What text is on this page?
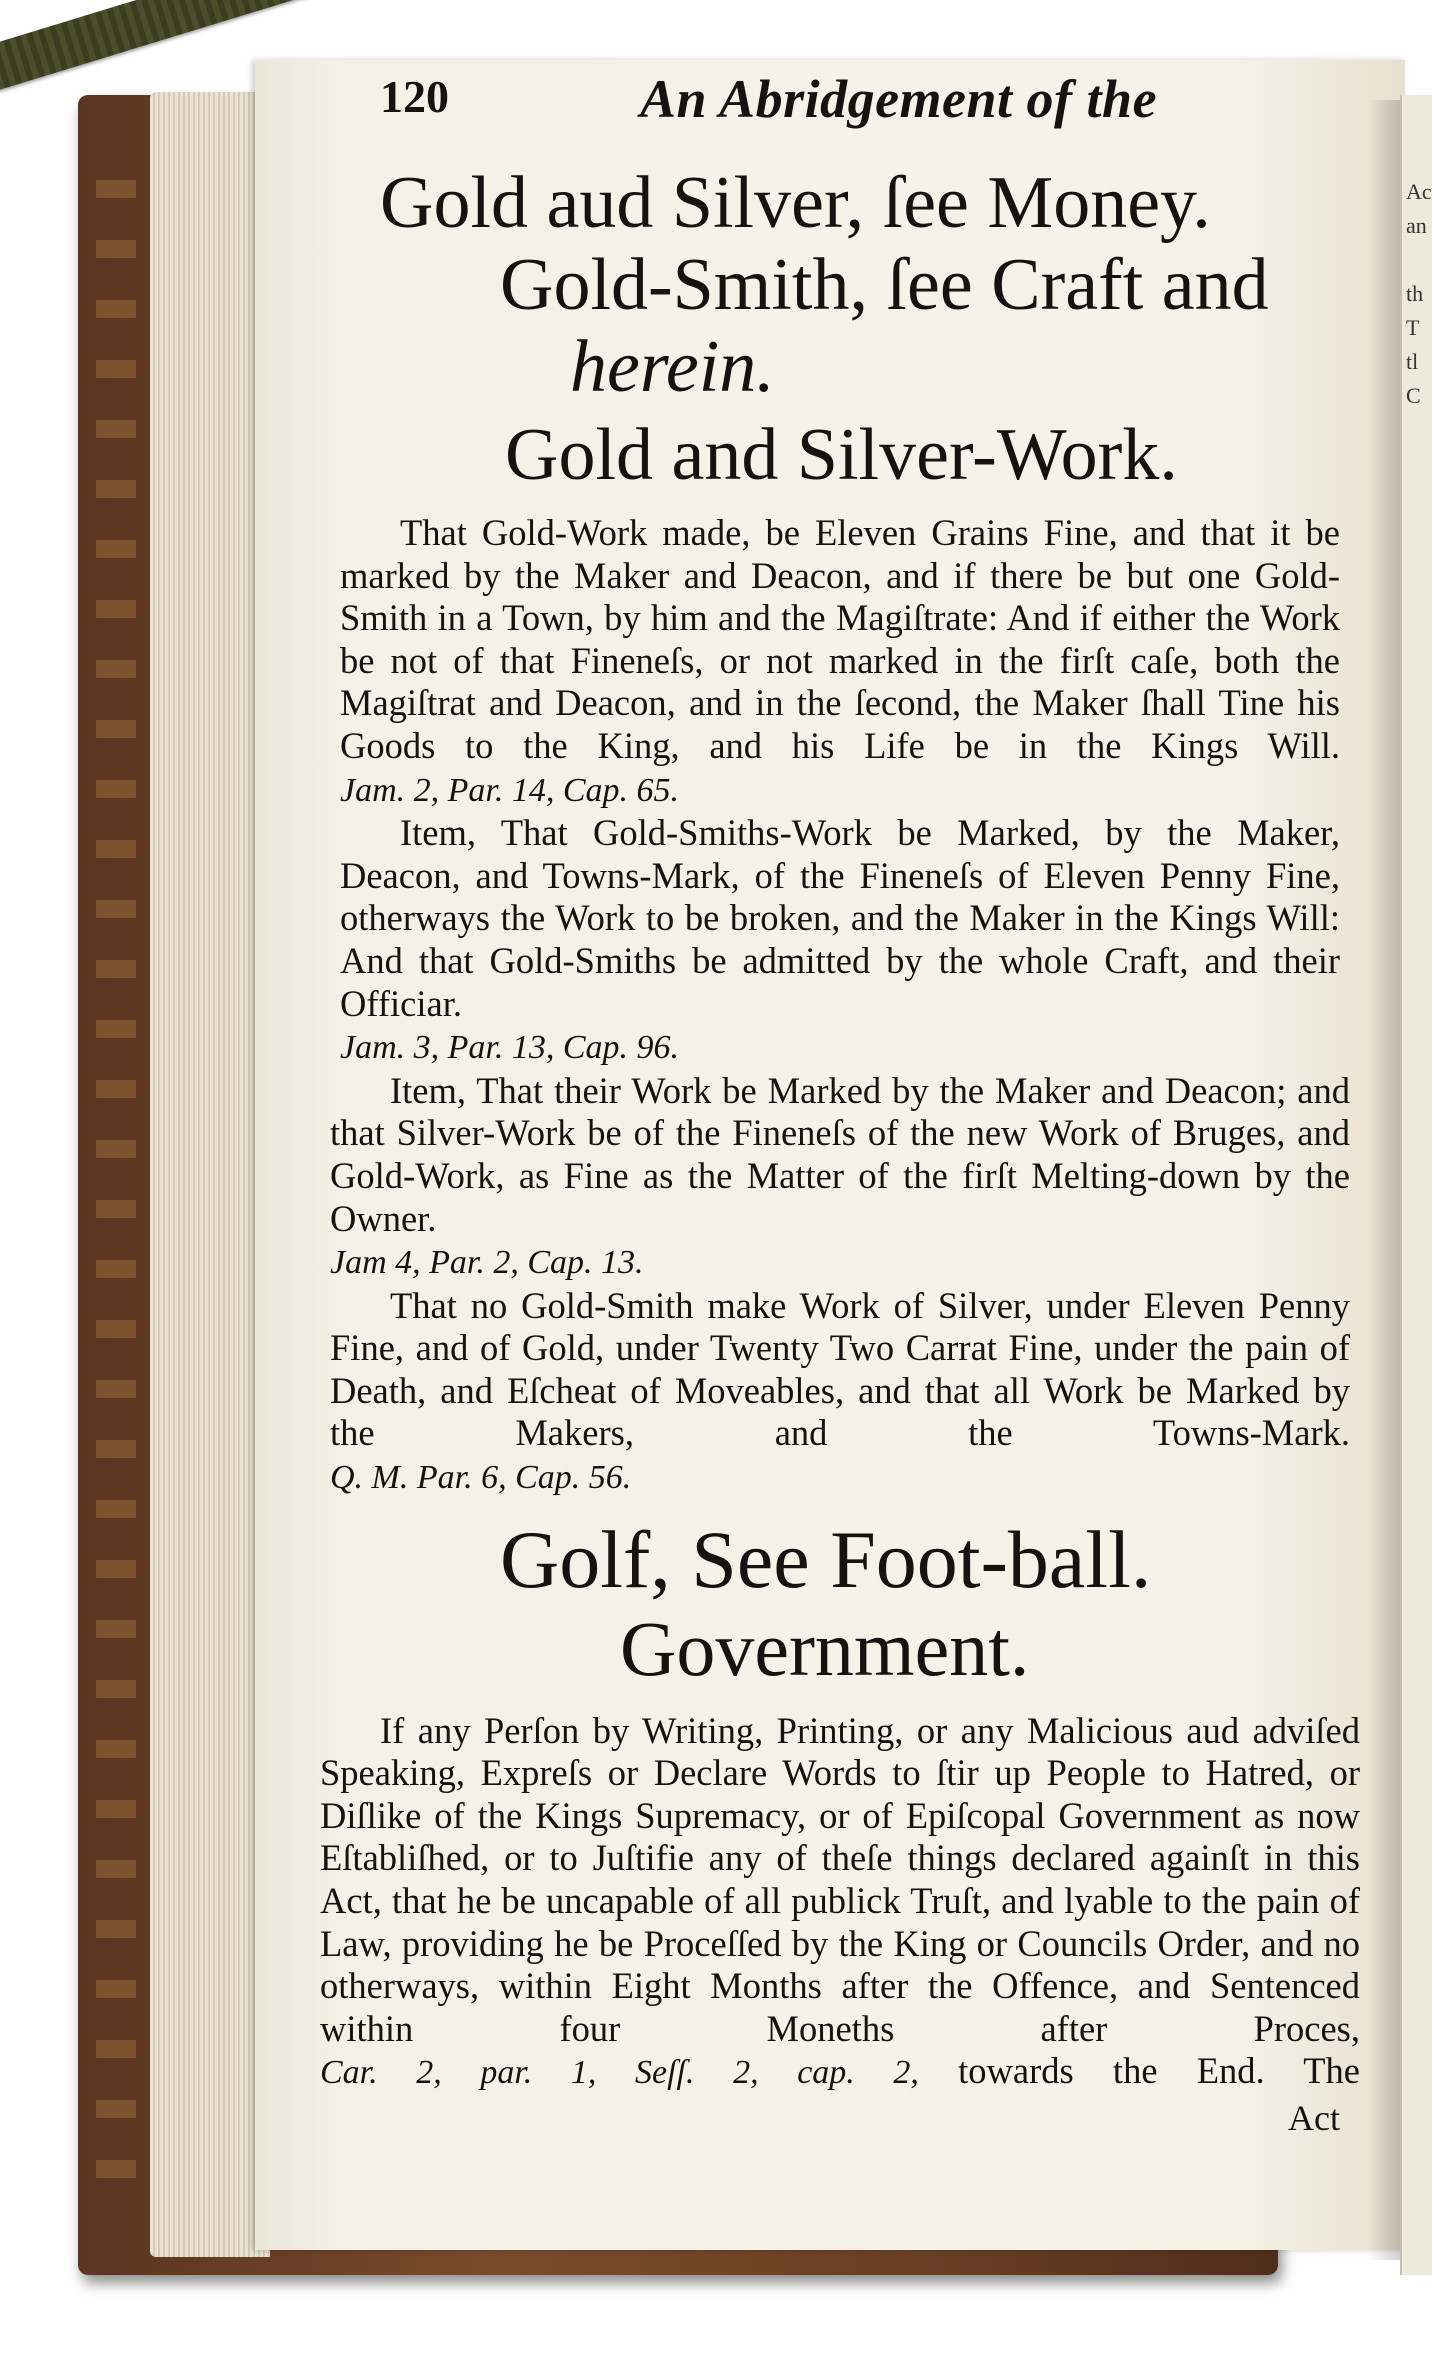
Ac
an
th
T
tl
C
120	An Abridgement of the
Gold aud Silver, ſee Money.
Gold-Smith, ſee Craft and
herein.
Gold and Silver-Work.

That Gold-Work made, be Eleven Grains Fine, and that it be marked by the Maker and Deacon, and if there be but one Gold-Smith in a Town, by him and the Magiſtrate: And if either the Work be not of that Fineneſs, or not marked in the firſt caſe, both the Magiſtrat and Deacon, and in the ſecond, the Maker ſhall Tine his Goods to the King, and his Life be in the Kings Will.

Jam. 2, Par. 14, Cap. 65.

Item, That Gold-Smiths-Work be Marked, by the Maker, Deacon, and Towns-Mark, of the Fineneſs of Eleven Penny Fine, otherways the Work to be broken, and the Maker in the Kings Will: And that Gold-Smiths be admitted by the whole Craft, and their Officiar.

Jam. 3, Par. 13, Cap. 96.

Item, That their Work be Marked by the Maker and Deacon; and that Silver-Work be of the Fineneſs of the new Work of Bruges, and Gold-Work, as Fine as the Matter of the firſt Melting-down by the Owner.

Jam 4, Par. 2, Cap. 13.

That no Gold-Smith make Work of Silver, under Eleven Penny Fine, and of Gold, under Twenty Two Carrat Fine, under the pain of Death, and Eſcheat of Moveables, and that all Work be Marked by the Makers, and the Towns-Mark.

Q. M. Par. 6, Cap. 56.

Golf, See Foot-ball.
Government.

If any Perſon by Writing, Printing, or any Malicious aud adviſed Speaking, Expreſs or Declare Words to ſtir up People to Hatred, or Diſlike of the Kings Supremacy, or of Epiſcopal Government as now Eſtabliſhed, or to Juſtifie any of theſe things declared againſt in this Act, that he be uncapable of all publick Truſt, and lyable to the pain of Law, providing he be Proceſſed by the King or Councils Order, and no otherways, within Eight Months after the Offence, and Sentenced within four Moneths after Proces,

Car. 2, par. 1, Seſſ. 2, cap. 2, towards the End. The

Act
